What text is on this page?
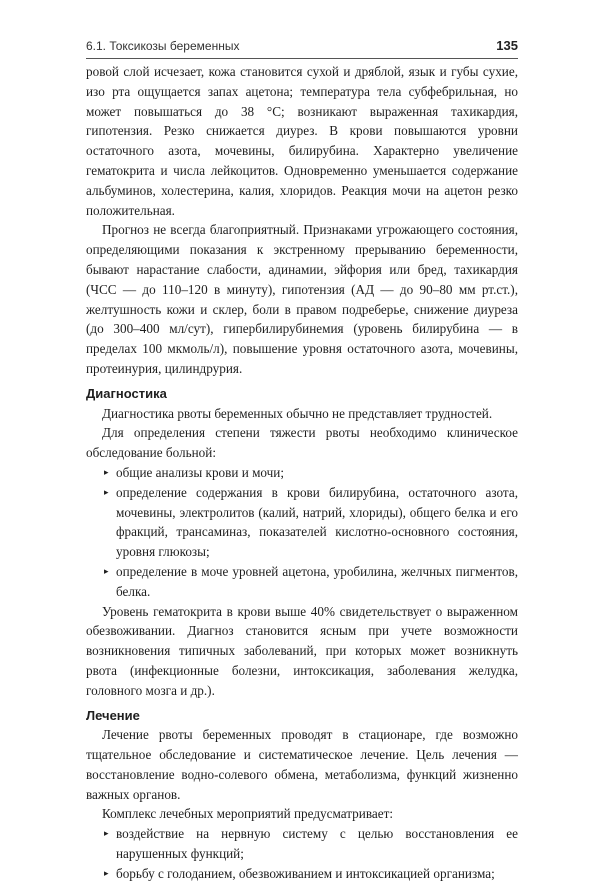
6.1. Токсикозы беременных	135

ровой слой исчезает, кожа становится сухой и дряблой, язык и губы сухие, изо рта ощущается запах ацетона; температура тела субфебрильная, но может повышаться до 38 °С; возникают выраженная тахикардия, гипотензия. Резко снижается диурез. В крови повышаются уровни остаточного азота, мочевины, билирубина. Характерно увеличение гематокрита и числа лейкоцитов. Одновременно уменьшается содержание альбуминов, холестерина, калия, хлоридов. Реакция мочи на ацетон резко положительная.

Прогноз не всегда благоприятный. Признаками угрожающего состояния, определяющими показания к экстренному прерыванию беременности, бывают нарастание слабости, адинамии, эйфория или бред, тахикардия (ЧСС — до 110–120 в минуту), гипотензия (АД — до 90–80 мм рт.ст.), желтушность кожи и склер, боли в правом подреберье, снижение диуреза (до 300–400 мл/сут), гипербилирубинемия (уровень билирубина — в пределах 100 мкмоль/л), повышение уровня остаточного азота, мочевины, протеинурия, цилиндрурия.

Диагностика

Диагностика рвоты беременных обычно не представляет трудностей.

Для определения степени тяжести рвоты необходимо клиническое обследование больной:

▸ общие анализы крови и мочи;
▸ определение содержания в крови билирубина, остаточного азота, мочевины, электролитов (калий, натрий, хлориды), общего белка и его фракций, трансаминаз, показателей кислотно-основного состояния, уровня глюкозы;
▸ определение в моче уровней ацетона, уробилина, желчных пигментов, белка.

Уровень гематокрита в крови выше 40% свидетельствует о выраженном обезвоживании. Диагноз становится ясным при учете возможности возникновения типичных заболеваний, при которых может возникнуть рвота (инфекционные болезни, интоксикация, заболевания желудка, головного мозга и др.).

Лечение

Лечение рвоты беременных проводят в стационаре, где возможно тщательное обследование и систематическое лечение. Цель лечения — восстановление водно-солевого обмена, метаболизма, функций жизненно важных органов.

Комплекс лечебных мероприятий предусматривает:

▸ воздействие на нервную систему с целью восстановления ее нарушенных функций;
▸ борьбу с голоданием, обезвоживанием и интоксикацией организма;
